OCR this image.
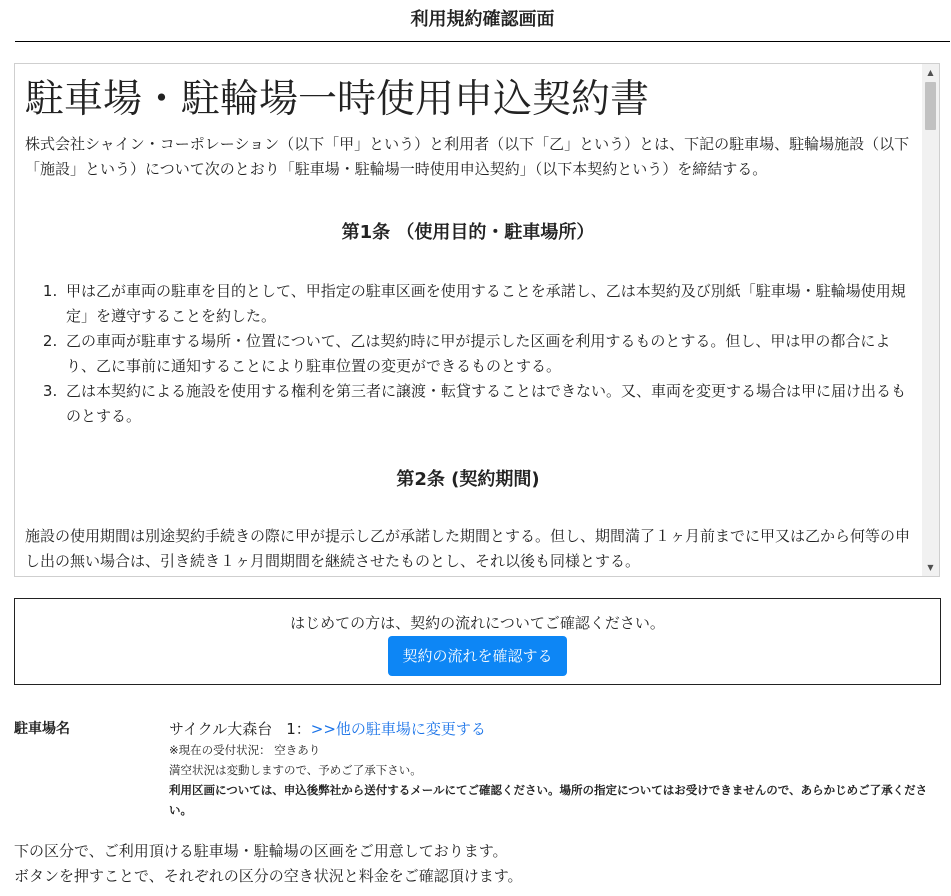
利用規約確認画面
駐車場・駐輪場一時使用申込契約書

株式会社シャイン・コーポレーション（以下「甲」という）と利用者（以下「乙」という）とは、下記の駐車場、駐輪場施設（以下「施設」という）について次のとおり「駐車場・駐輪場一時使用申込契約」（以下本契約という）を締結する。

第1条 （使用目的・駐車場所）
1. 甲は乙が車両の駐車を目的として、甲指定の駐車区画を使用することを承諾し、乙は本契約及び別紙「駐車場・駐輪場使用規定」を遵守することを約した。
2. 乙の車両が駐車する場所・位置について、乙は契約時に甲が提示した区画を利用するものとする。但し、甲は甲の都合により、乙に事前に通知することにより駐車位置の変更ができるものとする。
3. 乙は本契約による施設を使用する権利を第三者に譲渡・転貸することはできない。又、車両を変更する場合は甲に届け出るものとする。
第2条 (契約期間)

施設の使用期間は別途契約手続きの際に甲が提示し乙が承諾した期間とする。但し、期間満了１ヶ月前までに甲又は乙から何等の申し出の無い場合は、引き続き１ヶ月間期間を継続させたものとし、それ以後も同様とする。

▲
▼

はじめての方は、契約の流れについてご確認ください。

契約の流れを確認する
駐車場名	サイクル大森台 1：>>他の駐車場に変更する
※現在の受付状況： 空きあり
満空状況は変動しますので、予めご了承下さい。
利用区画については、申込後弊社から送付するメールにてご確認ください。場所の指定についてはお受けできませんので、あらかじめご了承ください。
下の区分で、ご利用頂ける駐車場・駐輪場の区画をご用意しております。
ボタンを押すことで、それぞれの区分の空き状況と料金をご確認頂けます。
